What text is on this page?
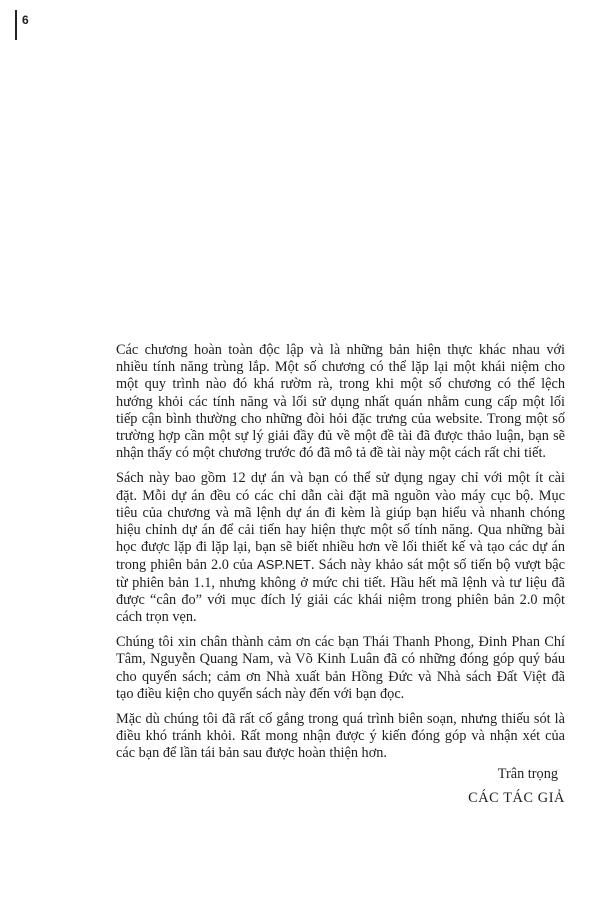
6

Các chương hoàn toàn độc lập và là những bản hiện thực khác nhau với
nhiều tính năng trùng lắp. Một số chương có thể lặp lại một khái niệm cho
một quy trình nào đó khá rườm rà, trong khi một số chương có thể lệch
hướng khỏi các tính năng và lối sử dụng nhất quán nhằm cung cấp một lối
tiếp cận bình thường cho những đòi hỏi đặc trưng của website. Trong một số
trường hợp cần một sự lý giải đầy đủ về một đề tài đã được thảo luận, bạn sẽ
nhận thấy có một chương trước đó đã mô tả đề tài này một cách rất chi tiết.

Sách này bao gồm 12 dự án và bạn có thể sử dụng ngay chỉ với một ít cài
đặt. Mỗi dự án đều có các chỉ dẫn cài đặt mã nguồn vào máy cục bộ. Mục
tiêu của chương và mã lệnh dự án đi kèm là giúp bạn hiểu và nhanh chóng
hiệu chỉnh dự án để cải tiến hay hiện thực một số tính năng. Qua những bài
học được lặp đi lặp lại, bạn sẽ biết nhiều hơn về lối thiết kế và tạo các dự án
trong phiên bản 2.0 của ASP.NET. Sách này khảo sát một số tiến bộ vượt bậc
từ phiên bản 1.1, nhưng không ở mức chi tiết. Hầu hết mã lệnh và tư liệu đã
được “cân đo” với mục đích lý giải các khái niệm trong phiên bản 2.0 một
cách trọn vẹn.

Chúng tôi xin chân thành cảm ơn các bạn Thái Thanh Phong, Đinh Phan Chí
Tâm, Nguyễn Quang Nam, và Võ Kinh Luân đã có những đóng góp quý báu
cho quyển sách; cảm ơn Nhà xuất bản Hồng Đức và Nhà sách Đất Việt đã
tạo điều kiện cho quyển sách này đến với bạn đọc.

Mặc dù chúng tôi đã rất cố gắng trong quá trình biên soạn, nhưng thiếu sót là
điều khó tránh khỏi. Rất mong nhận được ý kiến đóng góp và nhận xét của
các bạn để lần tái bản sau được hoàn thiện hơn.

Trân trọng
CÁC TÁC GIẢ
